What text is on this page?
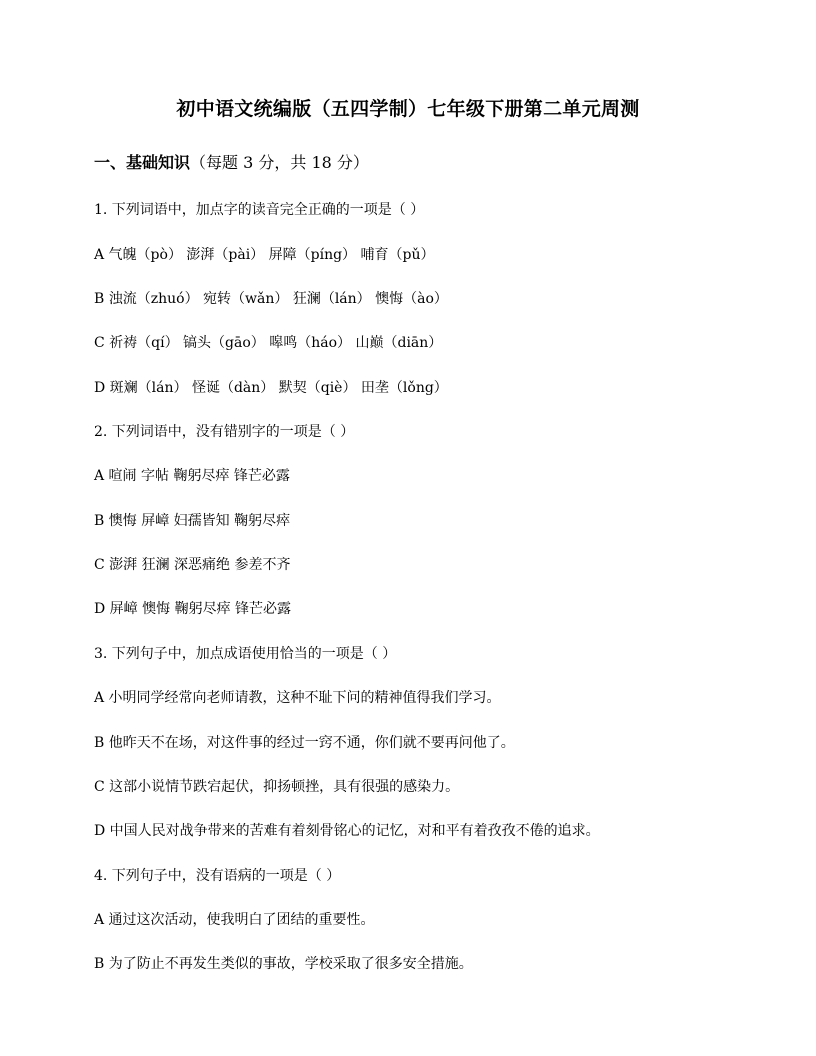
初中语文统编版（五四学制）七年级下册第二单元周测
一、基础知识（每题 3 分，共 18 分）
1. 下列词语中，加点字的读音完全正确的一项是（ ）
A 气魄（pò） 澎湃（pài） 屏障（píng） 哺育（pǔ）
B 浊流（zhuó） 宛转（wǎn） 狂澜（lán） 懊悔（ào）
C 祈祷（qí） 镐头（gāo） 嗥鸣（háo） 山巅（diān）
D 斑斓（lán） 怪诞（dàn） 默契（qiè） 田垄（lǒng）
2. 下列词语中，没有错别字的一项是（ ）
A 喧闹 字帖 鞠躬尽瘁 锋芒必露
B 懊悔 屏嶂 妇孺皆知 鞠躬尽瘁
C 澎湃 狂澜 深恶痛绝 参差不齐
D 屏嶂 懊悔 鞠躬尽瘁 锋芒必露
3. 下列句子中，加点成语使用恰当的一项是（ ）
A 小明同学经常向老师请教，这种不耻下问的精神值得我们学习。
B 他昨天不在场，对这件事的经过一窍不通，你们就不要再问他了。
C 这部小说情节跌宕起伏，抑扬顿挫，具有很强的感染力。
D 中国人民对战争带来的苦难有着刻骨铭心的记忆，对和平有着孜孜不倦的追求。
4. 下列句子中，没有语病的一项是（ ）
A 通过这次活动，使我明白了团结的重要性。
B 为了防止不再发生类似的事故，学校采取了很多安全措施。
